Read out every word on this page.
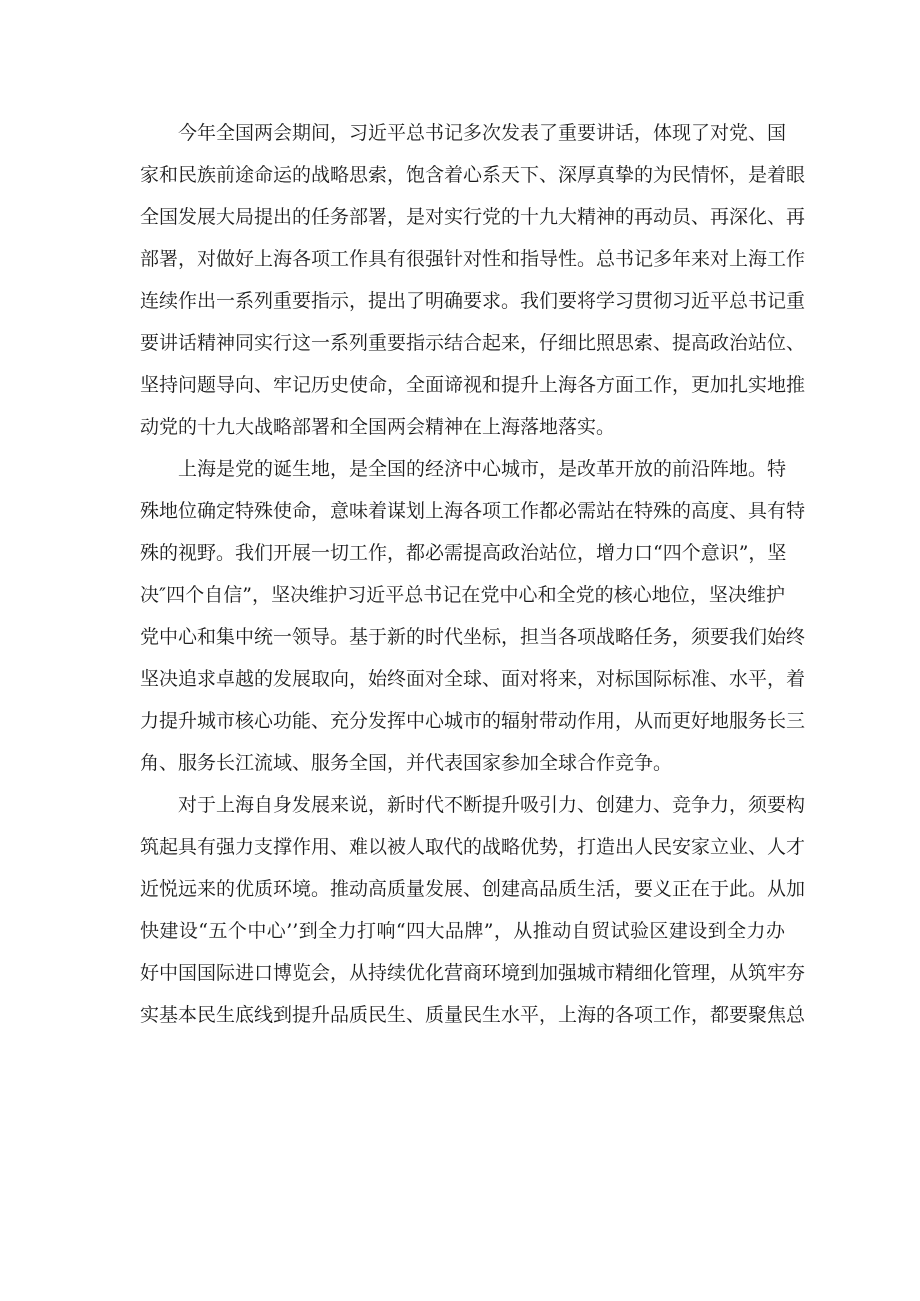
今年全国两会期间，习近平总书记多次发表了重要讲话，体现了对党、国
家和民族前途命运的战略思索，饱含着心系天下、深厚真挚的为民情怀，是着眼
全国发展大局提出的任务部署，是对实行党的十九大精神的再动员、再深化、再
部署，对做好上海各项工作具有很强针对性和指导性。总书记多年来对上海工作
连续作出一系列重要指示，提出了明确要求。我们要将学习贯彻习近平总书记重
要讲话精神同实行这一系列重要指示结合起来，仔细比照思索、提高政治站位、
坚持问题导向、牢记历史使命，全面谛视和提升上海各方面工作，更加扎实地推
动党的十九大战略部署和全国两会精神在上海落地落实。

上海是党的诞生地，是全国的经济中心城市，是改革开放的前沿阵地。特
殊地位确定特殊使命，意味着谋划上海各项工作都必需站在特殊的高度、具有特
殊的视野。我们开展一切工作，都必需提高政治站位，增力口“四个意识”，坚
决″四个自信”，坚决维护习近平总书记在党中心和全党的核心地位，坚决维护
党中心和集中统一领导。基于新的时代坐标，担当各项战略任务，须要我们始终
坚决追求卓越的发展取向，始终面对全球、面对将来，对标国际标准、水平，着
力提升城市核心功能、充分发挥中心城市的辐射带动作用，从而更好地服务长三
角、服务长江流域、服务全国，并代表国家参加全球合作竞争。

对于上海自身发展来说，新时代不断提升吸引力、创建力、竞争力，须要构
筑起具有强力支撑作用、难以被人取代的战略优势，打造出人民安家立业、人才
近悦远来的优质环境。推动高质量发展、创建高品质生活，要义正在于此。从加
快建设“五个中心’’到全力打响“四大品牌”，从推动自贸试验区建设到全力办
好中国国际进口博览会，从持续优化营商环境到加强城市精细化管理，从筑牢夯
实基本民生底线到提升品质民生、质量民生水平，上海的各项工作，都要聚焦总
